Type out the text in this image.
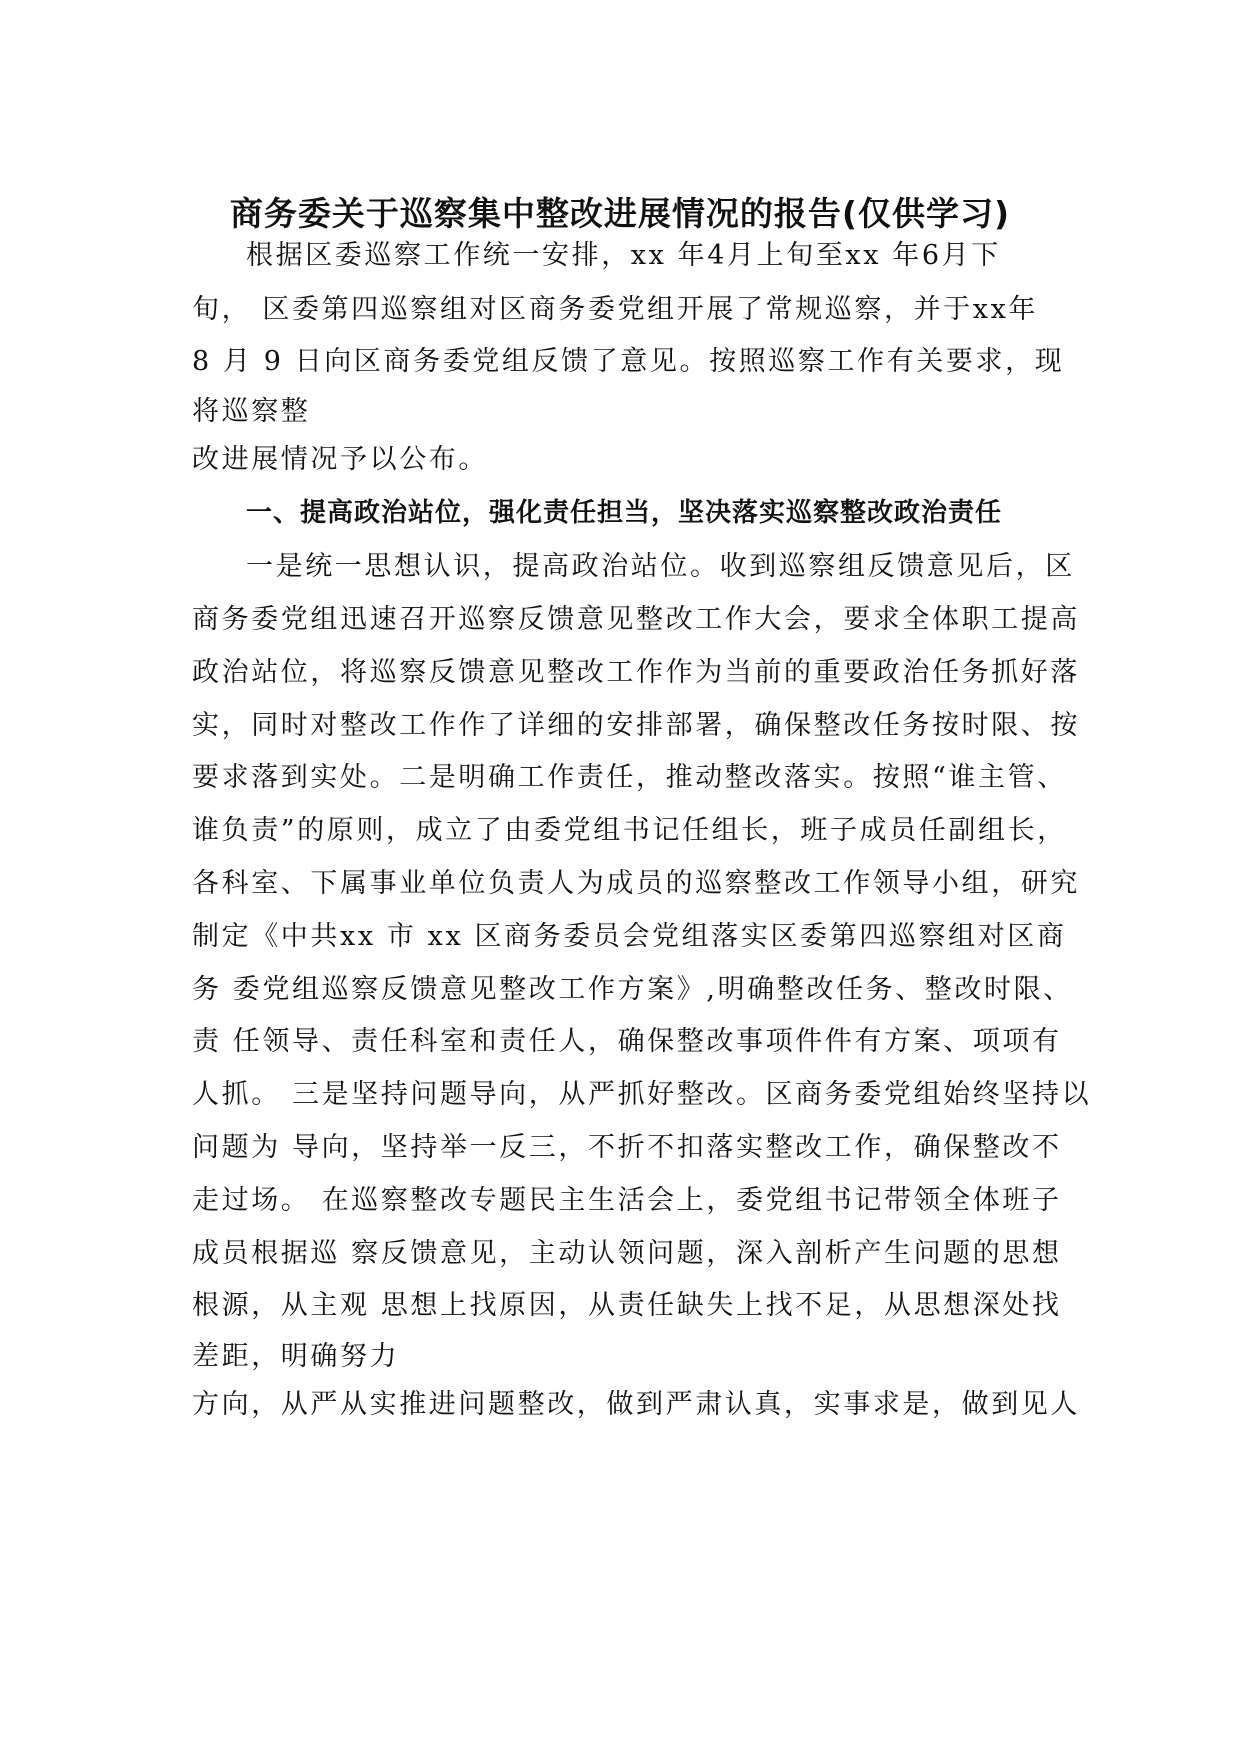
商务委关于巡察集中整改进展情况的报告(仅供学习)

根据区委巡察工作统一安排，xx 年4月上旬至xx 年6月下

旬， 区委第四巡察组对区商务委党组开展了常规巡察，并于xx年

8 月 9 日向区商务委党组反馈了意见。按照巡察工作有关要求，现

将巡察整

改进展情况予以公布。

一、提高政治站位，强化责任担当，坚决落实巡察整改政治责任

一是统一思想认识，提高政治站位。收到巡察组反馈意见后，区

商务委党组迅速召开巡察反馈意见整改工作大会，要求全体职工提高

政治站位，将巡察反馈意见整改工作作为当前的重要政治任务抓好落

实，同时对整改工作作了详细的安排部署，确保整改任务按时限、按

要求落到实处。二是明确工作责任，推动整改落实。按照“谁主管、

谁负责”的原则，成立了由委党组书记任组长，班子成员任副组长，

各科室、下属事业单位负责人为成员的巡察整改工作领导小组，研究

制定《中共xx 市 xx 区商务委员会党组落实区委第四巡察组对区商

务 委党组巡察反馈意见整改工作方案》,明确整改任务、整改时限、

责 任领导、责任科室和责任人，确保整改事项件件有方案、项项有

人抓。 三是坚持问题导向，从严抓好整改。区商务委党组始终坚持以

问题为 导向，坚持举一反三，不折不扣落实整改工作，确保整改不

走过场。 在巡察整改专题民主生活会上，委党组书记带领全体班子

成员根据巡 察反馈意见，主动认领问题，深入剖析产生问题的思想

根源，从主观 思想上找原因，从责任缺失上找不足，从思想深处找

差距，明确努力

方向，从严从实推进问题整改，做到严肃认真，实事求是，做到见人
